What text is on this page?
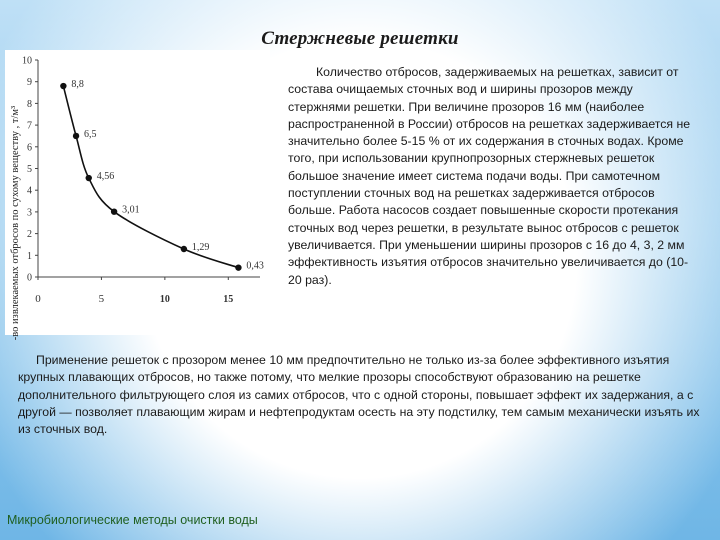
Стержневые решетки
0
1
2
3
4
5
6
7
8
9
10
0	5	10	15
8,8
6,5
4,56
3,01
1,29
0,43
-во извлекаемых отбросов по сухому веществу , т/м³
Количество отбросов, задерживаемых на решетках, зависит от состава очищаемых сточных вод и ширины прозоров между стержнями решетки. При величине прозоров 16 мм (наиболее распространенной в России) отбросов на решетках задерживается не значительно более 5-15 % от их содержания в сточных водах. Кроме того, при использовании крупнопрозорных стержневых решеток большое значение имеет система подачи воды. При самотечном поступлении сточных вод на решетках задерживается отбросов больше. Работа насосов создает повышенные скорости протекания сточных вод через решетки, в результате вынос отбросов с решеток увеличивается. При уменьшении ширины прозоров с 16 до 4, 3, 2 мм эффективность изъятия отбросов значительно увеличивается до (10-20 раз).
Применение решеток с прозором менее 10 мм предпочтительно не только из-за более эффективного изъятия крупных плавающих отбросов, но также потому, что мелкие прозоры способствуют образованию на решетке дополнительного фильтрующего слоя из самих отбросов, что с одной стороны, повышает эффект их задержания, а с другой — позволяет плавающим жирам и нефтепродуктам осесть на эту подстилку, тем самым механически изъять их из сточных вод.
Микробиологические методы очистки воды
